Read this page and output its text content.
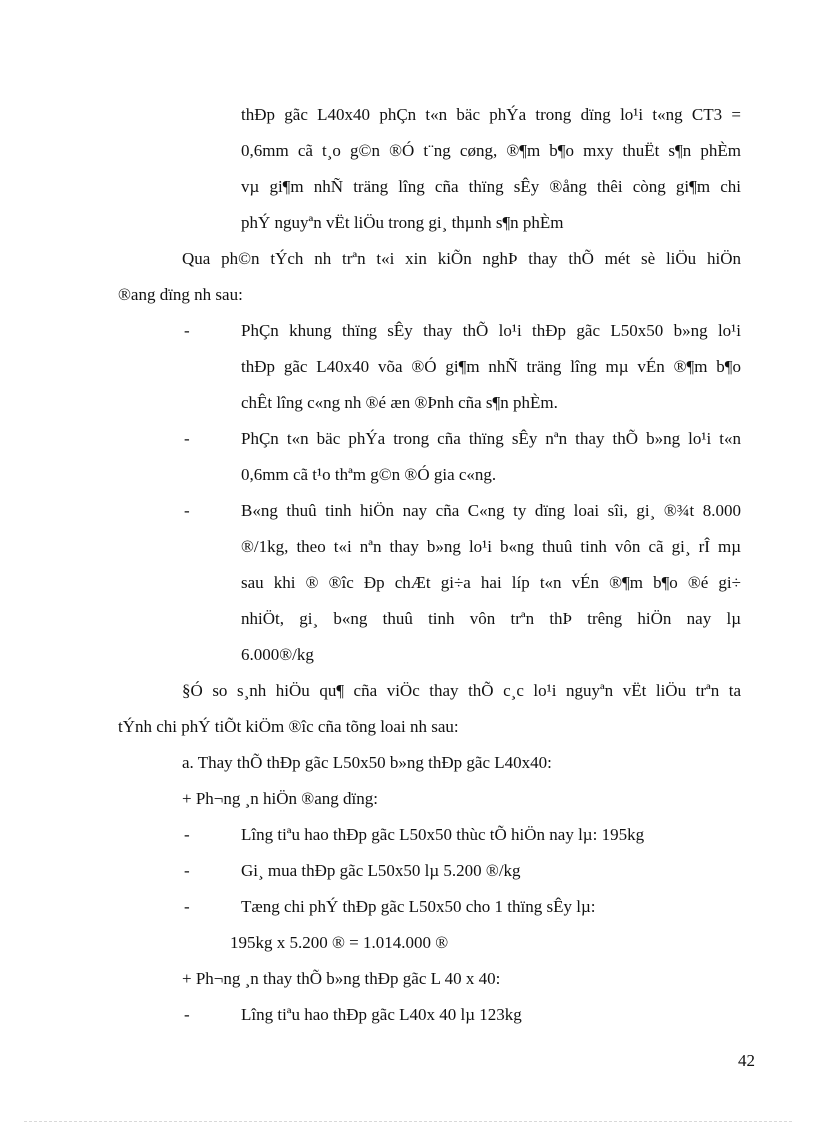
thÐp gãc L40x40 phÇn t«n bäc phÝa trong dïng lo¹i t«ng CT3 =
0,6mm cã t¸o g©n ®Ó t¨ng cøng, ®¶m b¶o mxy thuËt s¶n phÈm
vµ gi¶m nhÑ träng lîng cña thïng sÊy ®ång thêi còng gi¶m chi
phÝ nguyªn vËt liÖu trong gi¸ thµnh s¶n phÈm
Qua ph©n tÝch nh trªn t«i xin kiÕn nghÞ thay thÕ mét sè liÖu hiÖn
®ang dïng nh sau:
-	PhÇn khung thïng sÊy thay thÕ lo¹i thÐp gãc L50x50 b»ng lo¹i
thÐp gãc L40x40 võa ®Ó gi¶m nhÑ träng lîng mµ vÉn ®¶m b¶o
chÊt lîng c«ng nh ®é æn ®Þnh cña s¶n phÈm.
-	PhÇn t«n bäc phÝa trong cña thïng sÊy nªn thay thÕ b»ng lo¹i t«n
0,6mm cã t¹o thªm g©n ®Ó gia c«ng.
-	B«ng thuû tinh hiÖn nay cña C«ng ty dïng loai sîi, gi¸ ®¾t 8.000
®/1kg, theo t«i nªn thay b»ng lo¹i b«ng thuû tinh vôn cã gi¸ rÎ mµ
sau khi ® ®îc Ðp chÆt gi÷a hai líp t«n vÉn ®¶m b¶o ®é gi÷
nhiÖt, gi¸ b«ng thuû tinh vôn trªn thÞ trêng hiÖn nay lµ
6.000®/kg
§Ó so s¸nh hiÖu qu¶ cña viÖc thay thÕ c¸c lo¹i nguyªn vËt liÖu trªn ta
tÝnh chi phÝ tiÕt kiÖm ®îc cña tõng loai nh sau:
a. Thay thÕ thÐp gãc L50x50 b»ng thÐp gãc L40x40:
+ Ph¬ng ¸n hiÖn ®ang dïng:
-	Lîng tiªu hao thÐp gãc L50x50 thùc tÕ hiÖn nay lµ: 195kg
-	Gi¸ mua thÐp gãc L50x50 lµ 5.200 ®/kg
-	Tæng chi phÝ thÐp gãc L50x50 cho 1 thïng sÊy lµ:
195kg x 5.200 ® = 1.014.000 ®
+ Ph¬ng ¸n thay thÕ b»ng thÐp gãc L 40 x 40:
-	Lîng tiªu hao thÐp gãc L40x 40 lµ 123kg
42
